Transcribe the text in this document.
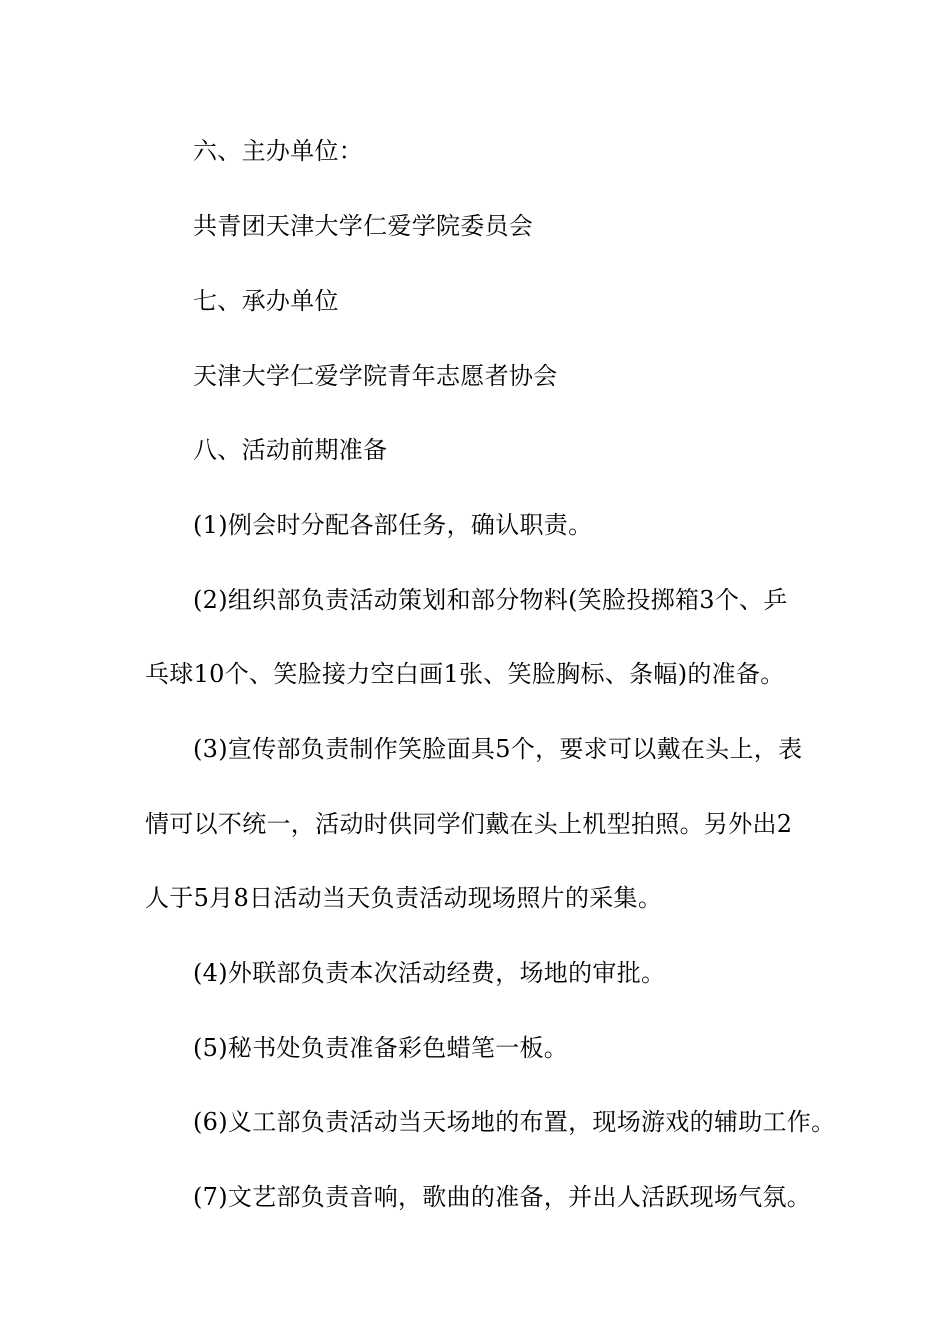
六、主办单位：
共青团天津大学仁爱学院委员会
七、承办单位
天津大学仁爱学院青年志愿者协会
八、活动前期准备
(1)例会时分配各部任务，确认职责。
(2)组织部负责活动策划和部分物料(笑脸投掷箱3个、乒
乓球10个、笑脸接力空白画1张、笑脸胸标、条幅)的准备。
(3)宣传部负责制作笑脸面具5个，要求可以戴在头上，表
情可以不统一，活动时供同学们戴在头上机型拍照。另外出2
人于5月8日活动当天负责活动现场照片的采集。
(4)外联部负责本次活动经费，场地的审批。
(5)秘书处负责准备彩色蜡笔一板。
(6)义工部负责活动当天场地的布置，现场游戏的辅助工作。
(7)文艺部负责音响，歌曲的准备，并出人活跃现场气氛。
